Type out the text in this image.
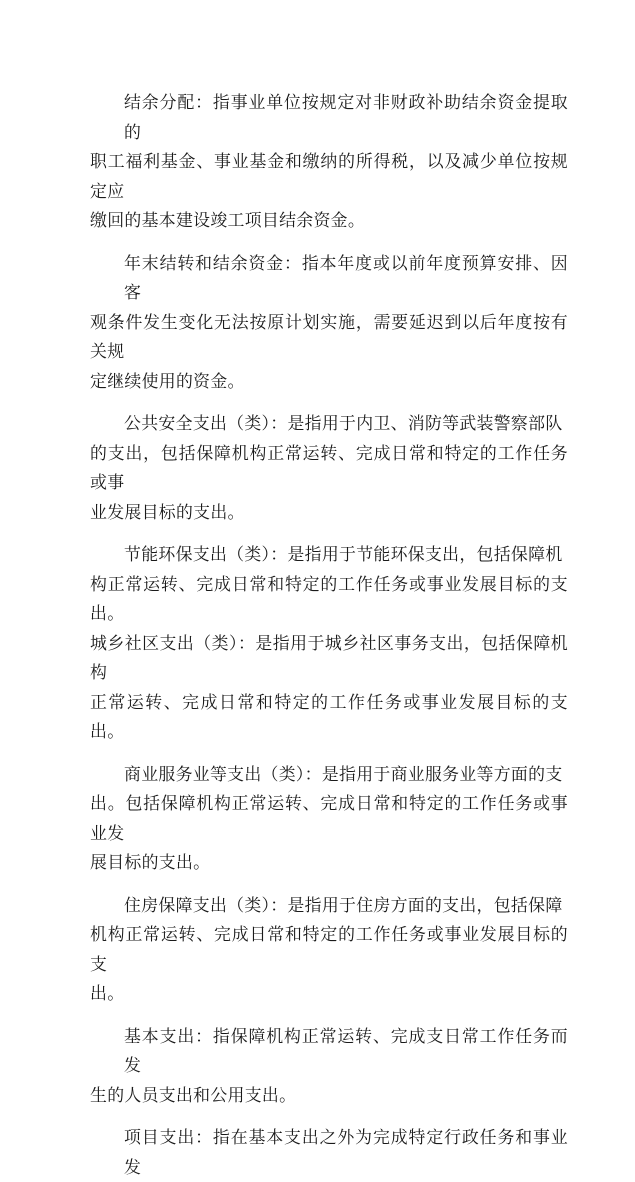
结余分配：指事业单位按规定对非财政补助结余资金提取的
职工福利基金、事业基金和缴纳的所得税，以及减少单位按规定应
缴回的基本建设竣工项目结余资金。
年末结转和结余资金：指本年度或以前年度预算安排、因客
观条件发生变化无法按原计划实施，需要延迟到以后年度按有关规
定继续使用的资金。
公共安全支出（类）：是指用于内卫、消防等武装警察部队
的支出，包括保障机构正常运转、完成日常和特定的工作任务或事
业发展目标的支出。
节能环保支出（类）：是指用于节能环保支出，包括保障机
构正常运转、完成日常和特定的工作任务或事业发展目标的支出。
城乡社区支出（类）：是指用于城乡社区事务支出，包括保障机构
正常运转、完成日常和特定的工作任务或事业发展目标的支出。
商业服务业等支出（类）：是指用于商业服务业等方面的支
出。包括保障机构正常运转、完成日常和特定的工作任务或事业发
展目标的支出。
住房保障支出（类）：是指用于住房方面的支出，包括保障
机构正常运转、完成日常和特定的工作任务或事业发展目标的支
出。
基本支出：指保障机构正常运转、完成支日常工作任务而发
生的人员支出和公用支出。
项目支出：指在基本支出之外为完成特定行政任务和事业发
